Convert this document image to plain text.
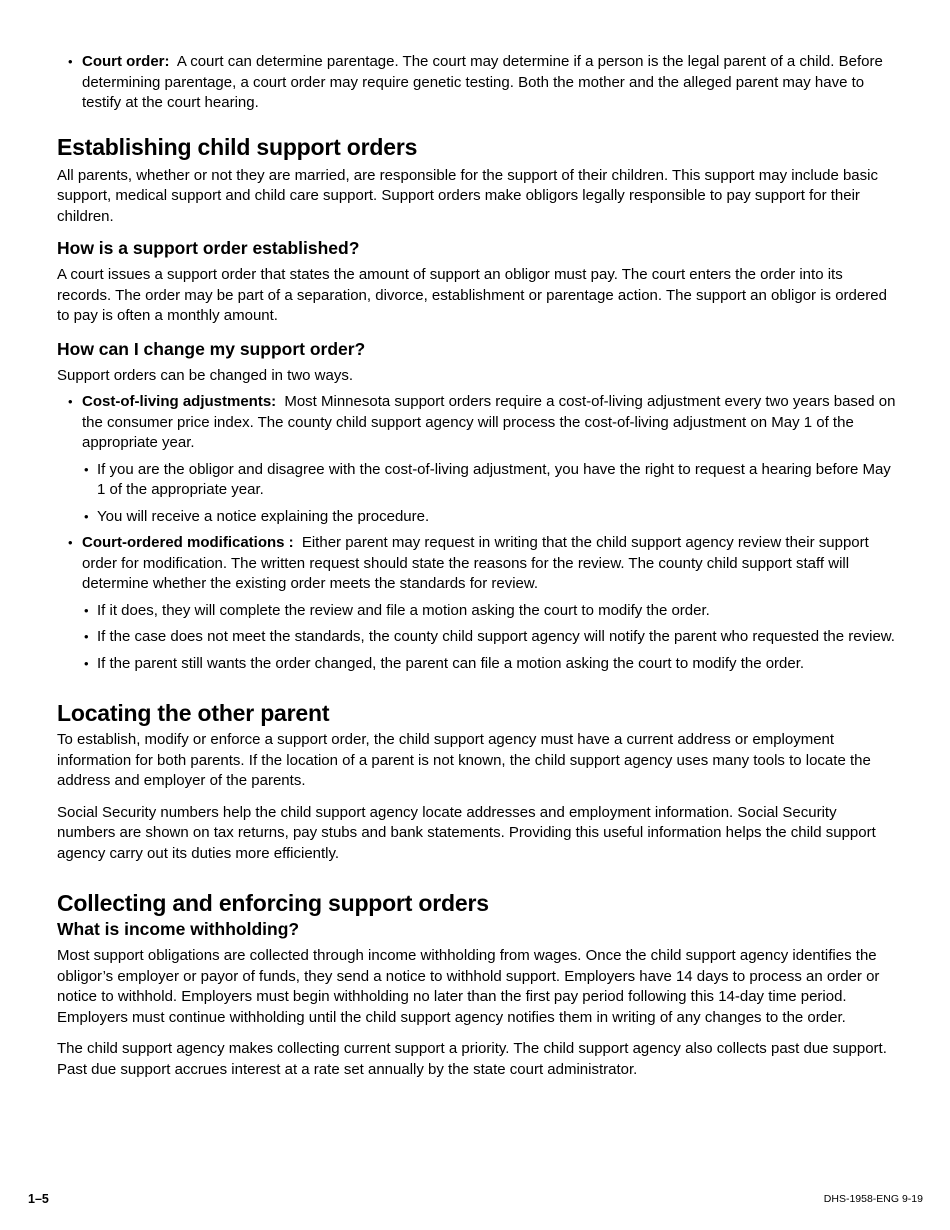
• Court order: A court can determine parentage. The court may determine if a person is the legal parent of a child. Before determining parentage, a court order may require genetic testing. Both the mother and the alleged parent may have to testify at the court hearing.
Establishing child support orders

All parents, whether or not they are married, are responsible for the support of their children. This support may include basic support, medical support and child care support. Support orders make obligors legally responsible to pay support for their children.

How is a support order established?

A court issues a support order that states the amount of support an obligor must pay. The court enters the order into its records. The order may be part of a separation, divorce, establishment or parentage action. The support an obligor is ordered to pay is often a monthly amount.

How can I change my support order?

Support orders can be changed in two ways.

• Cost-of-living adjustments: Most Minnesota support orders require a cost-of-living adjustment every two years based on the consumer price index. The county child support agency will process the cost-of-living adjustment on May 1 of the appropriate year.
• If you are the obligor and disagree with the cost-of-living adjustment, you have the right to request a hearing before May 1 of the appropriate year.
• You will receive a notice explaining the procedure.
• Court-ordered modifications : Either parent may request in writing that the child support agency review their support order for modification. The written request should state the reasons for the review. The county child support staff will determine whether the existing order meets the standards for review.
• If it does, they will complete the review and file a motion asking the court to modify the order.
• If the case does not meet the standards, the county child support agency will notify the parent who requested the review.
• If the parent still wants the order changed, the parent can file a motion asking the court to modify the order.
Locating the other parent

To establish, modify or enforce a support order, the child support agency must have a current address or employment information for both parents. If the location of a parent is not known, the child support agency uses many tools to locate the address and employer of the parents.

Social Security numbers help the child support agency locate addresses and employment information. Social Security numbers are shown on tax returns, pay stubs and bank statements. Providing this useful information helps the child support agency carry out its duties more efficiently.

Collecting and enforcing support orders
What is income withholding?

Most support obligations are collected through income withholding from wages. Once the child support agency identifies the obligor’s employer or payor of funds, they send a notice to withhold support. Employers have 14 days to process an order or notice to withhold. Employers must begin withholding no later than the first pay period following this 14-day time period. Employers must continue withholding until the child support agency notifies them in writing of any changes to the order.

The child support agency makes collecting current support a priority. The child support agency also collects past due support. Past due support accrues interest at a rate set annually by the state court administrator.

1–5	DHS-1958-ENG 9-19
